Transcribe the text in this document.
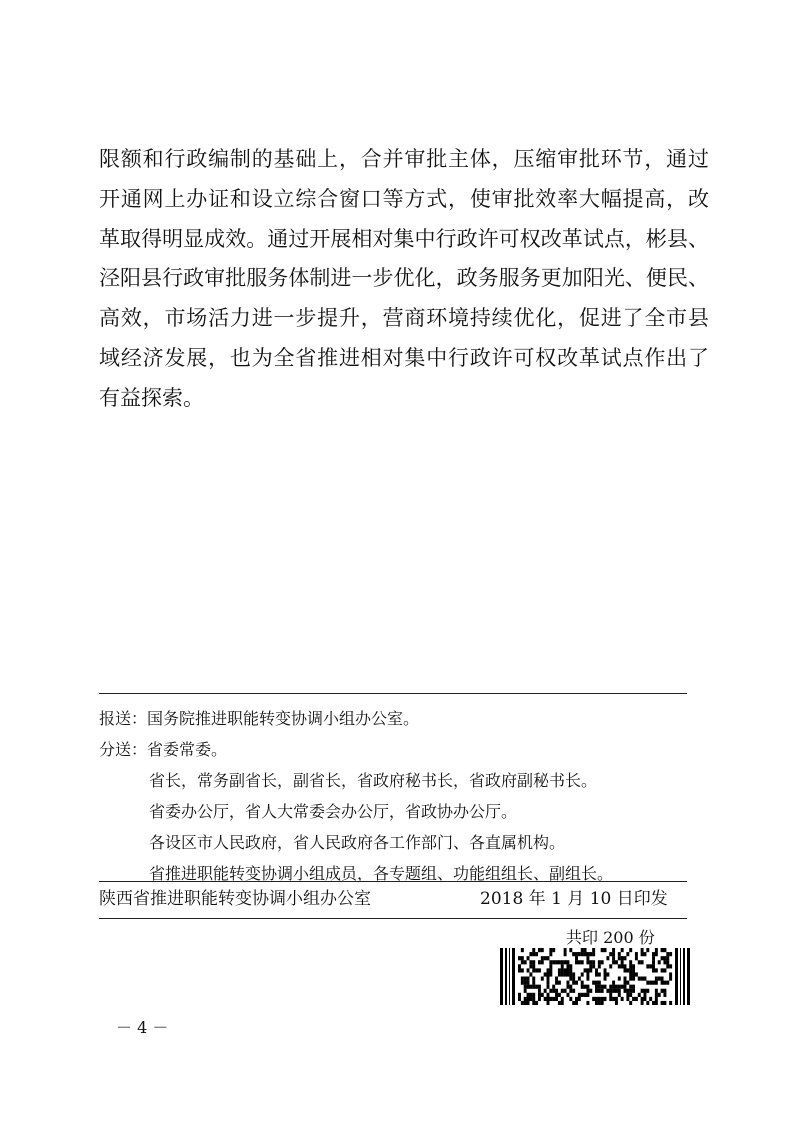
限额和行政编制的基础上，合并审批主体，压缩审批环节，通过
开通网上办证和设立综合窗口等方式，使审批效率大幅提高，改
革取得明显成效。通过开展相对集中行政许可权改革试点，彬县、
泾阳县行政审批服务体制进一步优化，政务服务更加阳光、便民、
高效，市场活力进一步提升，营商环境持续优化，促进了全市县
域经济发展，也为全省推进相对集中行政许可权改革试点作出了
有益探索。
报送：国务院推进职能转变协调小组办公室。
分送：省委常委。
省长，常务副省长，副省长，省政府秘书长，省政府副秘书长。
省委办公厅，省人大常委会办公厅，省政协办公厅。
各设区市人民政府，省人民政府各工作部门、各直属机构。
省推进职能转变协调小组成员，各专题组、功能组组长、副组长。
陕西省推进职能转变协调小组办公室	2018 年 1 月 10 日印发
共印 200 份
－ 4 －
